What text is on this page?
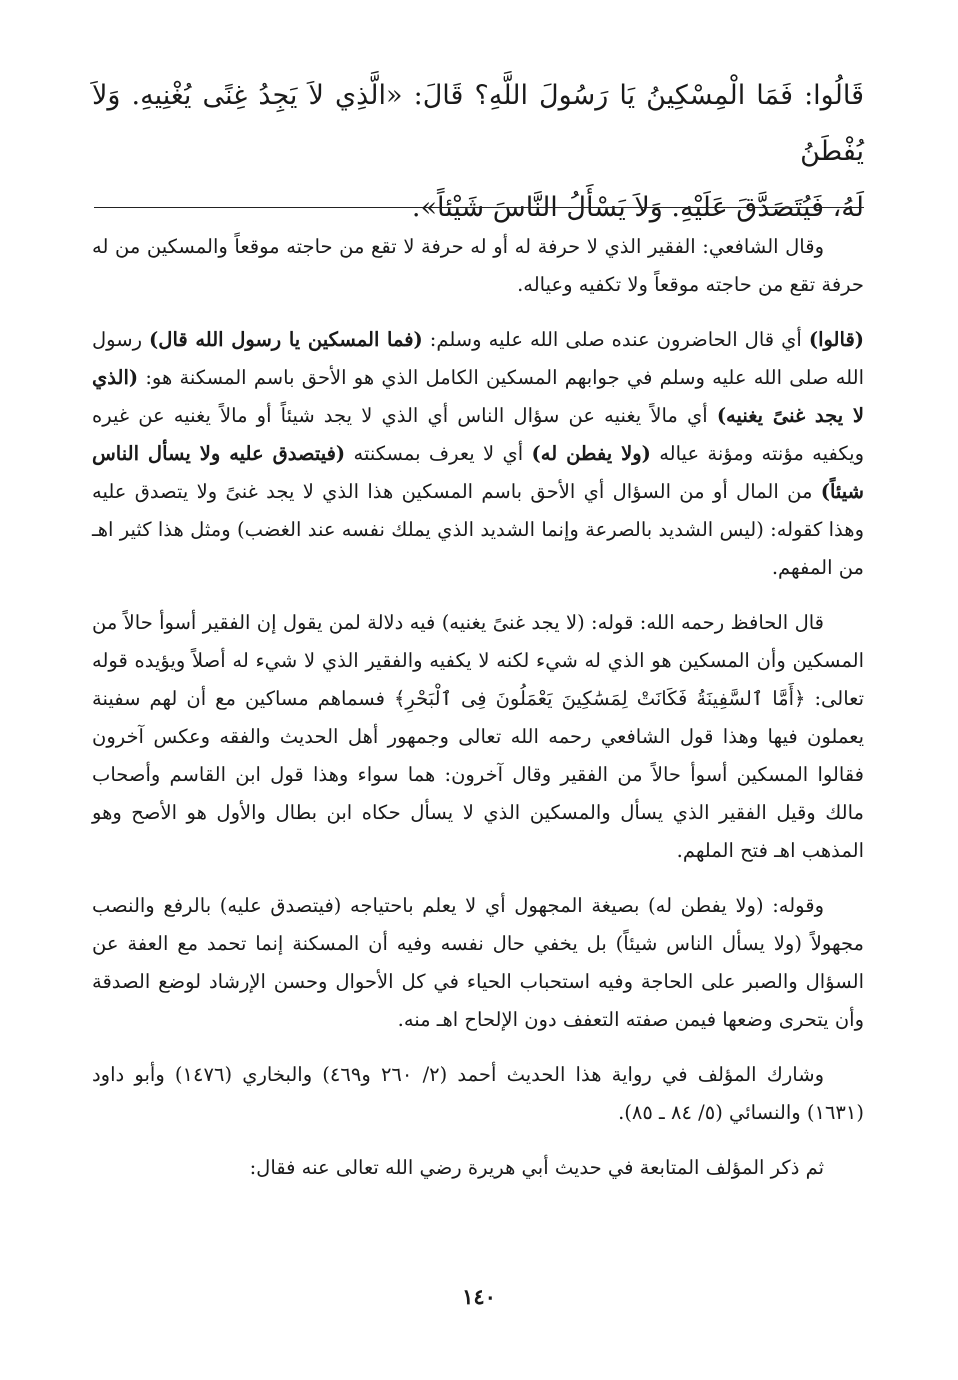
قَالُوا: فَمَا الْمِسْكِينُ يَا رَسُولَ اللَّهِ؟ قَالَ: «الَّذِي لاَ يَجِدُ غِنًى يُغْنِيهِ. وَلاَ يُفْطَنُ
لَهُ، فَيُتَصَدَّقَ عَلَيْهِ. وَلاَ يَسْأَلُ النَّاسَ شَيْئاً».

وقال الشافعي: الفقير الذي لا حرفة له أو له حرفة لا تقع من حاجته موقعاً والمسكين من له حرفة تقع من حاجته موقعاً ولا تكفيه وعياله.

(قالوا) أي قال الحاضرون عنده صلى الله عليه وسلم: (فما المسكين يا رسول الله قال) رسول الله صلى الله عليه وسلم في جوابهم المسكين الكامل الذي هو الأحق باسم المسكنة هو: (الذي لا يجد غنىً يغنيه) أي مالاً يغنيه عن سؤال الناس أي الذي لا يجد شيئاً أو مالاً يغنيه عن غيره ويكفيه مؤنته ومؤنة عياله (ولا يفطن له) أي لا يعرف بمسكنته (فيتصدق عليه ولا يسأل الناس شيئاً) من المال أو من السؤال أي الأحق باسم المسكين هذا الذي لا يجد غنىً ولا يتصدق عليه وهذا كقوله: (ليس الشديد بالصرعة وإنما الشديد الذي يملك نفسه عند الغضب) ومثل هذا كثير اهـ من المفهم.

قال الحافظ رحمه الله: قوله: (لا يجد غنىً يغنيه) فيه دلالة لمن يقول إن الفقير أسوأ حالاً من المسكين وأن المسكين هو الذي له شيء لكنه لا يكفيه والفقير الذي لا شيء له أصلاً ويؤيده قوله تعالى: ﴿أَمَّا ٱلسَّفِينَةُ فَكَانَتْ لِمَسَٰكِينَ يَعْمَلُونَ فِى ٱلْبَحْرِ﴾ فسماهم مساكين مع أن لهم سفينة يعملون فيها وهذا قول الشافعي رحمه الله تعالى وجمهور أهل الحديث والفقه وعكس آخرون فقالوا المسكين أسوأ حالاً من الفقير وقال آخرون: هما سواء وهذا قول ابن القاسم وأصحاب مالك وقيل الفقير الذي يسأل والمسكين الذي لا يسأل حكاه ابن بطال والأول هو الأصح وهو المذهب اهـ فتح الملهم.

وقوله: (ولا يفطن له) بصيغة المجهول أي لا يعلم باحتياجه (فيتصدق عليه) بالرفع والنصب مجهولاً (ولا يسأل الناس شيئاً) بل يخفي حال نفسه وفيه أن المسكنة إنما تحمد مع العفة عن السؤال والصبر على الحاجة وفيه استحباب الحياء في كل الأحوال وحسن الإرشاد لوضع الصدقة وأن يتحرى وضعها فيمن صفته التعفف دون الإلحاح اهـ منه.

وشارك المؤلف في رواية هذا الحديث أحمد (٢/ ٢٦٠ و٤٦٩) والبخاري (١٤٧٦) وأبو داود (١٦٣١) والنسائي (٥/ ٨٤ ـ ٨٥).

ثم ذكر المؤلف المتابعة في حديث أبي هريرة رضي الله تعالى عنه فقال:

١٤٠
